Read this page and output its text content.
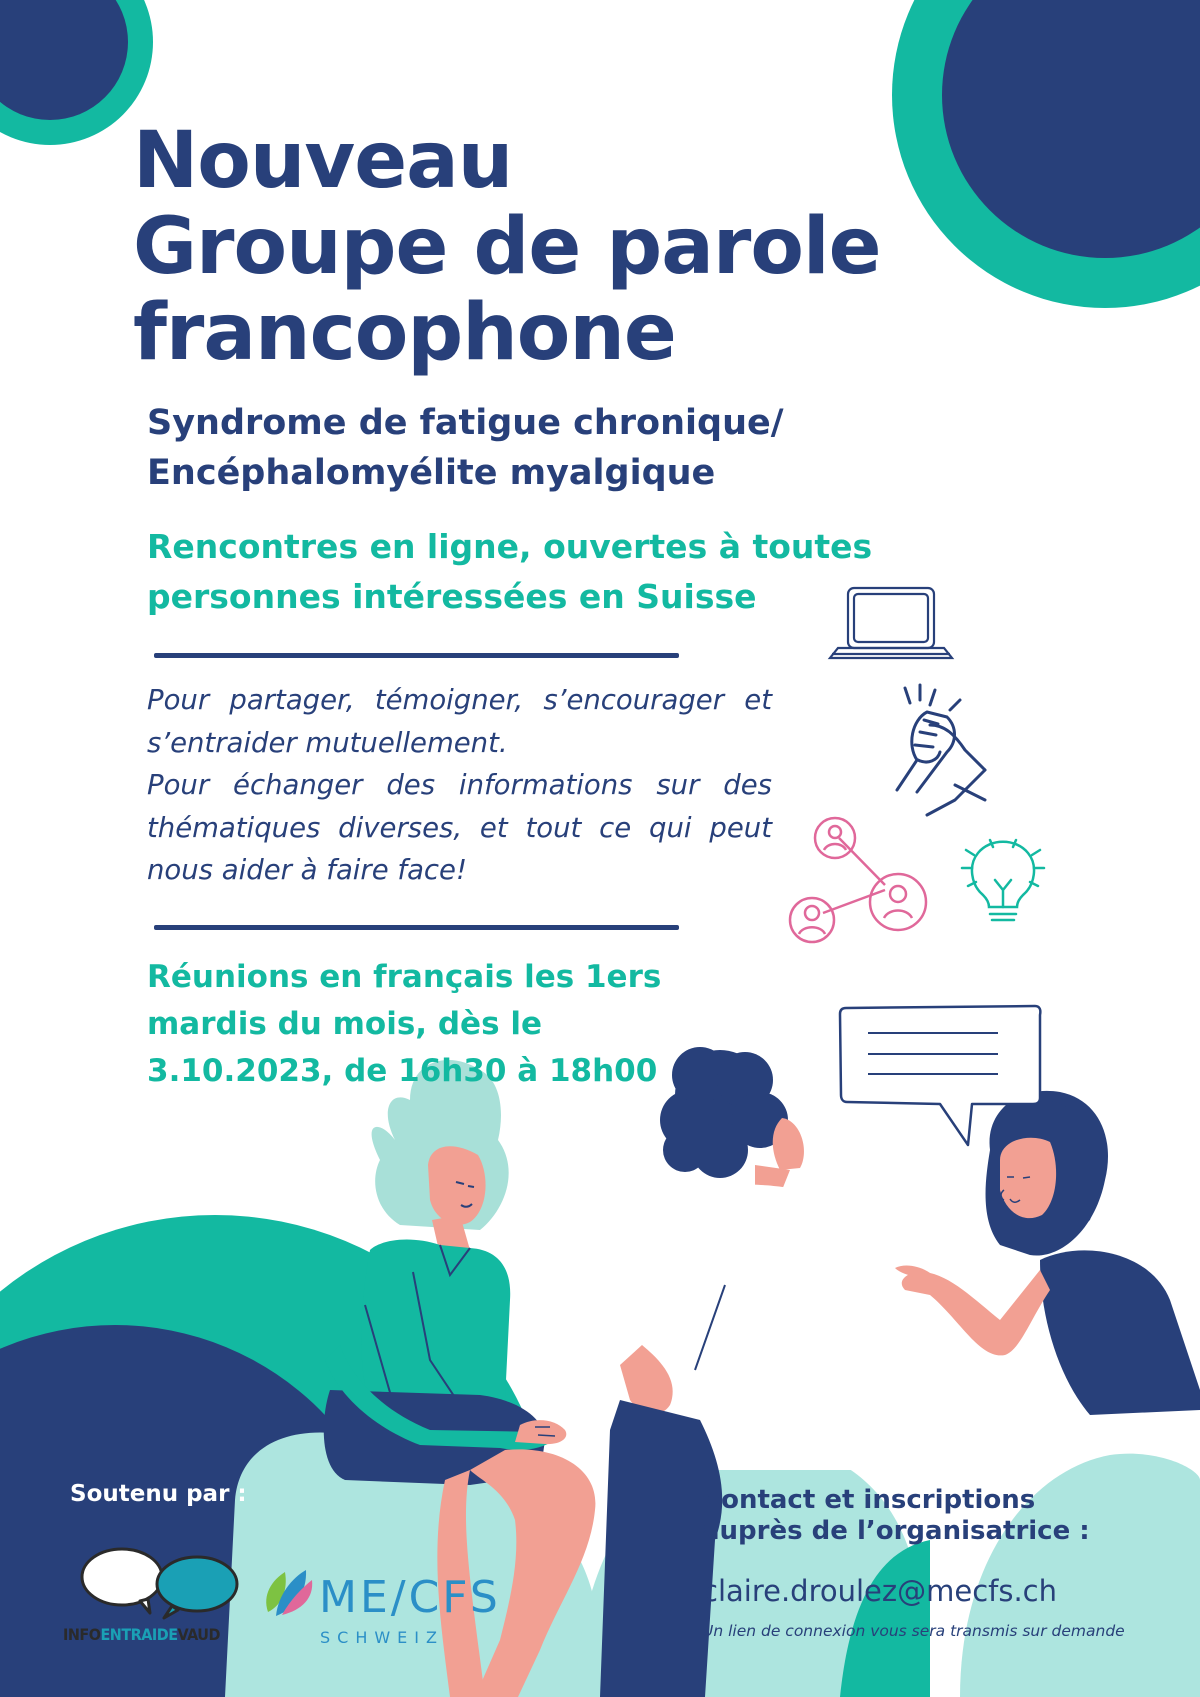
Nouveau
Groupe de parole
francophone
Syndrome de fatigue chronique/
Encéphalomyélite myalgique
Rencontres en ligne, ouvertes à toutes
personnes intéressées en Suisse

Pour partager, témoigner, s’encourager et s’entraider mutuellement.

Pour échanger des informations sur des thématiques diverses, et tout ce qui peut nous aider à faire face!

Réunions en français les 1ers
mardis du mois, dès le
3.10.2023, de 16h30 à 18h00
Soutenu par :
INFOENTRAIDEVAUD
ME/CFS
SCHWEIZ
Contact et inscriptions
auprès de l’organisatrice :
claire.droulez@mecfs.ch
Un lien de connexion vous sera transmis sur demande
